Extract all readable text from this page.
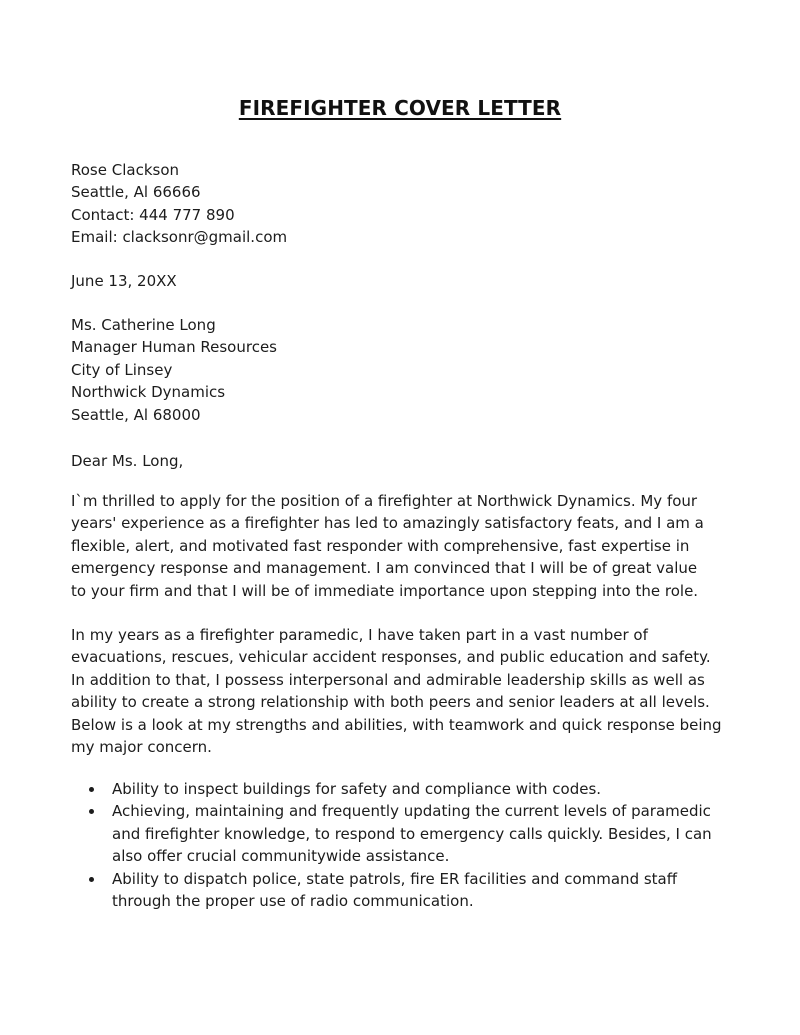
FIREFIGHTER COVER LETTER
Rose Clackson
Seattle, Al 66666
Contact: 444 777 890
Email: clacksonr@gmail.com
June 13, 20XX
Ms. Catherine Long
Manager Human Resources
City of Linsey
Northwick Dynamics
Seattle, Al 68000
Dear Ms. Long,
I`m thrilled to apply for the position of a firefighter at Northwick Dynamics. My four
years' experience as a firefighter has led to amazingly satisfactory feats, and I am a
flexible, alert, and motivated fast responder with comprehensive, fast expertise in
emergency response and management. I am convinced that I will be of great value
to your firm and that I will be of immediate importance upon stepping into the role.
In my years as a firefighter paramedic, I have taken part in a vast number of
evacuations, rescues, vehicular accident responses, and public education and safety.
In addition to that, I possess interpersonal and admirable leadership skills as well as
ability to create a strong relationship with both peers and senior leaders at all levels.
Below is a look at my strengths and abilities, with teamwork and quick response being
my major concern.
Ability to inspect buildings for safety and compliance with codes.
Achieving, maintaining and frequently updating the current levels of paramedic
and firefighter knowledge, to respond to emergency calls quickly. Besides, I can
also offer crucial communitywide assistance.
Ability to dispatch police, state patrols, fire ER facilities and command staff
through the proper use of radio communication.
